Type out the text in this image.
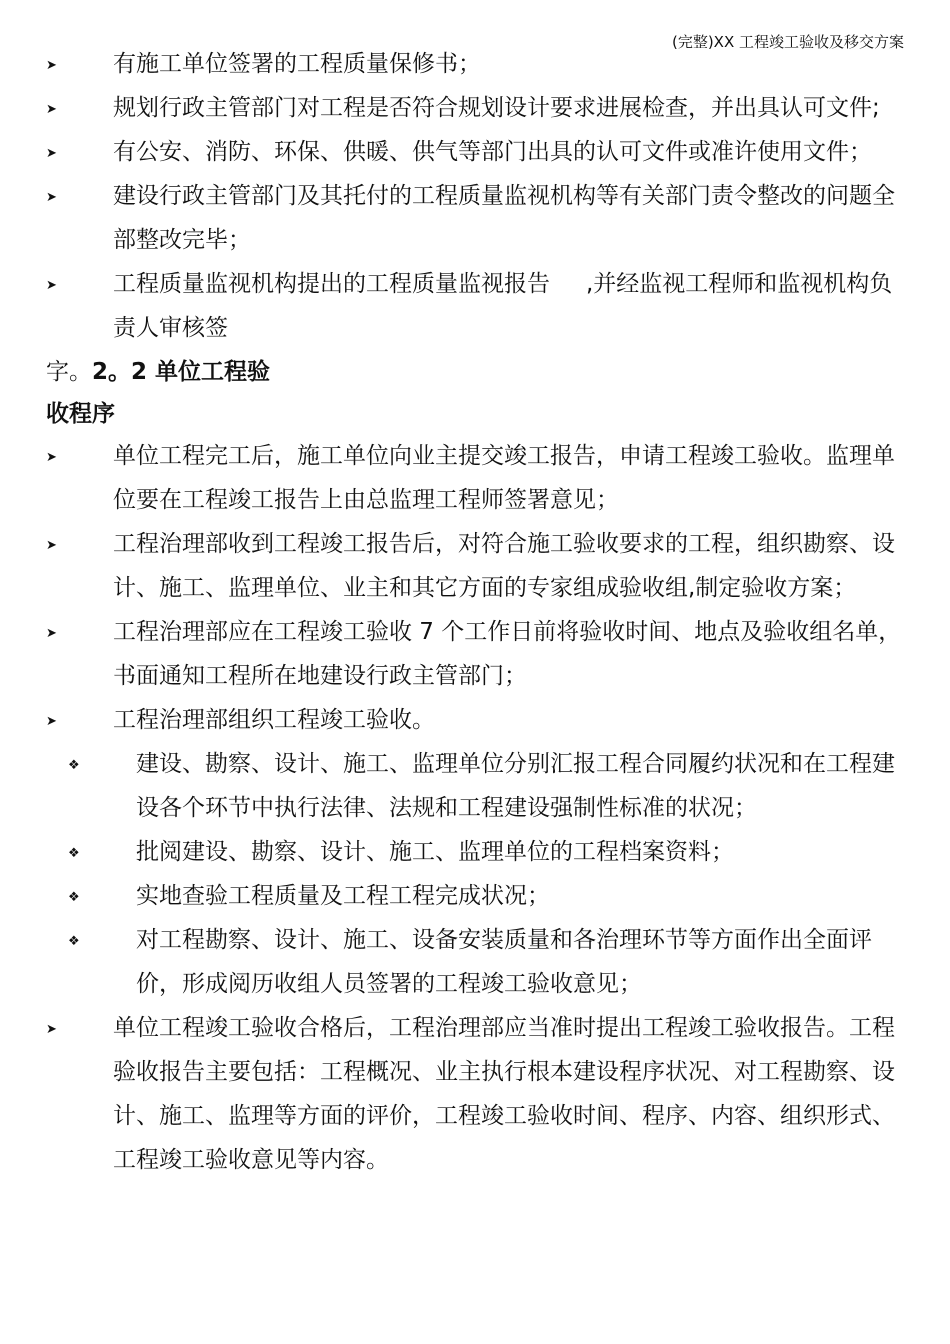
(完整)XX 工程竣工验收及移交方案
➤ 有施工单位签署的工程质量保修书；
➤ 规划行政主管部门对工程是否符合规划设计要求进展检查，并出具认可文件;
➤ 有公安、消防、环保、供暖、供气等部门出具的认可文件或准许使用文件；
➤ 建设行政主管部门及其托付的工程质量监视机构等有关部门责令整改的问题全部整改完毕；
➤ 工程质量监视机构提出的工程质量监视报告 ,并经监视工程师和监视机构负责人审核签
字。2。2 单位工程验
收程序
➤ 单位工程完工后，施工单位向业主提交竣工报告，申请工程竣工验收。监理单位要在工程竣工报告上由总监理工程师签署意见；
➤ 工程治理部收到工程竣工报告后，对符合施工验收要求的工程，组织勘察、设计、施工、监理单位、业主和其它方面的专家组成验收组,制定验收方案；
➤ 工程治理部应在工程竣工验收 7 个工作日前将验收时间、地点及验收组名单，书面通知工程所在地建设行政主管部门；
➤ 工程治理部组织工程竣工验收。
❖ 建设、勘察、设计、施工、监理单位分别汇报工程合同履约状况和在工程建设各个环节中执行法律、法规和工程建设强制性标准的状况；
❖ 批阅建设、勘察、设计、施工、监理单位的工程档案资料；
❖ 实地查验工程质量及工程工程完成状况；
❖ 对工程勘察、设计、施工、设备安装质量和各治理环节等方面作出全面评价，形成阅历收组人员签署的工程竣工验收意见；
➤ 单位工程竣工验收合格后，工程治理部应当准时提出工程竣工验收报告。工程验收报告主要包括：工程概况、业主执行根本建设程序状况、对工程勘察、设计、施工、监理等方面的评价，工程竣工验收时间、程序、内容、组织形式、工程竣工验收意见等内容。
